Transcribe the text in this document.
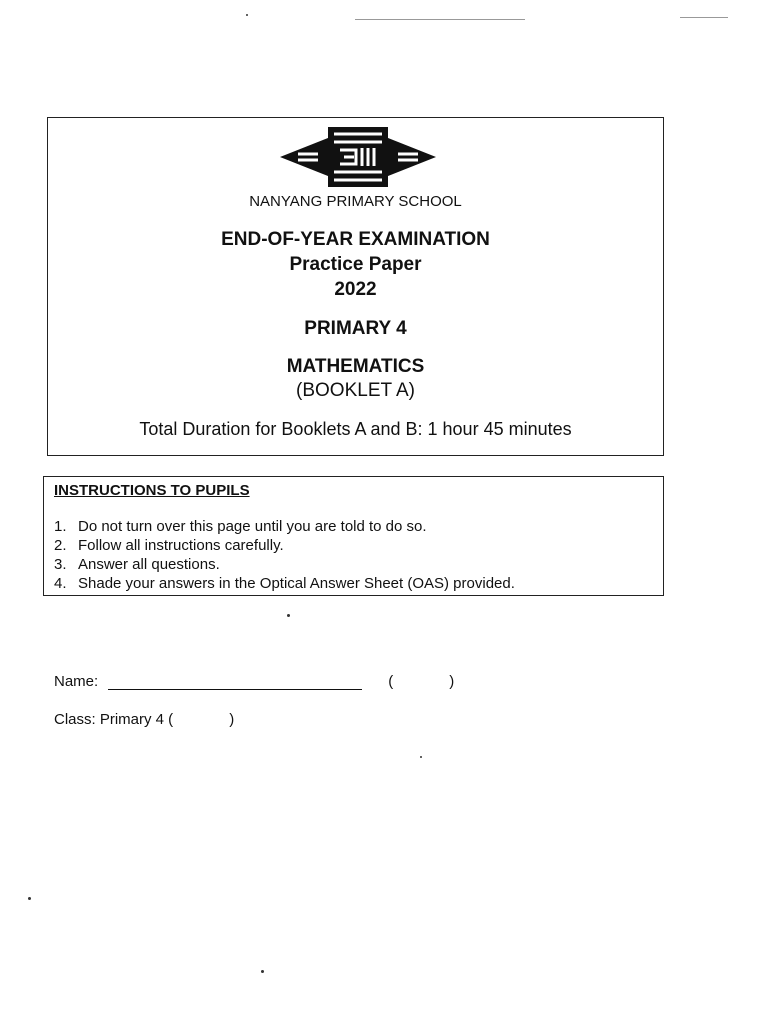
NANYANG PRIMARY SCHOOL
END-OF-YEAR EXAMINATION
Practice Paper
2022
PRIMARY 4
MATHEMATICS
(BOOKLET A)
Total Duration for Booklets A and B: 1 hour 45 minutes
INSTRUCTIONS TO PUPILS
1. Do not turn over this page until you are told to do so.
2. Follow all instructions carefully.
3. Answer all questions.
4. Shade your answers in the Optical Answer Sheet (OAS) provided.
Name:	(	)
Class: Primary 4 (	)
